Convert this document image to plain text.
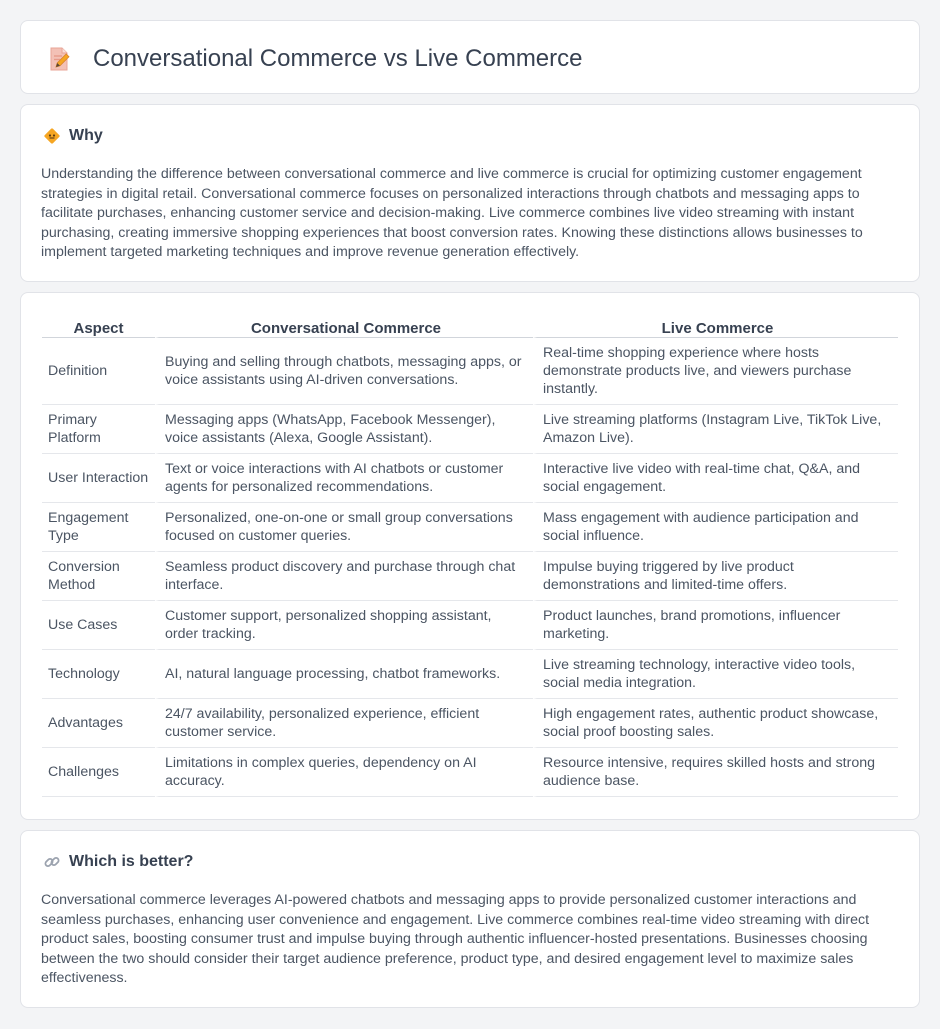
Conversational Commerce vs Live Commerce
Why

Understanding the difference between conversational commerce and live commerce is crucial for optimizing customer engagement strategies in digital retail. Conversational commerce focuses on personalized interactions through chatbots and messaging apps to facilitate purchases, enhancing customer service and decision-making. Live commerce combines live video streaming with instant purchasing, creating immersive shopping experiences that boost conversion rates. Knowing these distinctions allows businesses to implement targeted marketing techniques and improve revenue generation effectively.

Aspect	Conversational Commerce	Live Commerce
Definition	Buying and selling through chatbots, messaging apps, or voice assistants using AI-driven conversations.	Real-time shopping experience where hosts demonstrate products live, and viewers purchase instantly.
Primary Platform	Messaging apps (WhatsApp, Facebook Messenger), voice assistants (Alexa, Google Assistant).	Live streaming platforms (Instagram Live, TikTok Live, Amazon Live).
User Interaction	Text or voice interactions with AI chatbots or customer agents for personalized recommendations.	Interactive live video with real-time chat, Q&A, and social engagement.
Engagement Type	Personalized, one-on-one or small group conversations focused on customer queries.	Mass engagement with audience participation and social influence.
Conversion Method	Seamless product discovery and purchase through chat interface.	Impulse buying triggered by live product demonstrations and limited-time offers.
Use Cases	Customer support, personalized shopping assistant, order tracking.	Product launches, brand promotions, influencer marketing.
Technology	AI, natural language processing, chatbot frameworks.	Live streaming technology, interactive video tools, social media integration.
Advantages	24/7 availability, personalized experience, efficient customer service.	High engagement rates, authentic product showcase, social proof boosting sales.
Challenges	Limitations in complex queries, dependency on AI accuracy.	Resource intensive, requires skilled hosts and strong audience base.
Which is better?

Conversational commerce leverages AI-powered chatbots and messaging apps to provide personalized customer interactions and seamless purchases, enhancing user convenience and engagement. Live commerce combines real-time video streaming with direct product sales, boosting consumer trust and impulse buying through authentic influencer-hosted presentations. Businesses choosing between the two should consider their target audience preference, product type, and desired engagement level to maximize sales effectiveness.
